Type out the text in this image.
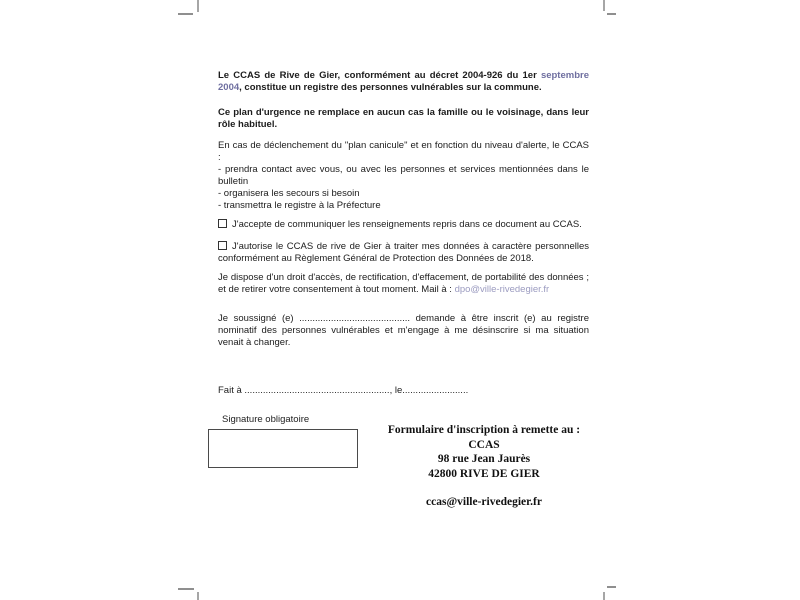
Le CCAS de Rive de Gier, conformément au décret 2004-926 du 1er septembre 2004, constitue un registre des personnes vulnérables sur la commune.

Ce plan d'urgence ne remplace en aucun cas la famille ou le voisinage, dans leur rôle habituel.

En cas de déclenchement du "plan canicule" et en fonction du niveau d'alerte, le CCAS :
- prendra contact avec vous, ou avec les personnes et services mentionnées dans le bulletin
- organisera les secours si besoin
- transmettra le registre à la Préfecture

J'accepte de communiquer les renseignements repris dans ce document au CCAS.

J'autorise le CCAS de rive de Gier à traiter mes données à caractère personnelles conformément au Règlement Général de Protection des Données de 2018.

Je dispose d'un droit d'accès, de rectification, d'effacement, de portabilité des données ; et de retirer votre consentement à tout moment. Mail à : dpo@ville-rivedegier.fr

Je soussigné (e) .......................................... demande à être inscrit (e) au registre nominatif des personnes vulnérables et m'engage à me désinscrire si ma situation venait à changer.

Fait à ......................................................., le.........................

Signature obligatoire
Formulaire d'inscription à remette au :
CCAS
98 rue Jean Jaurès
42800 RIVE DE GIER
ccas@ville-rivedegier.fr
